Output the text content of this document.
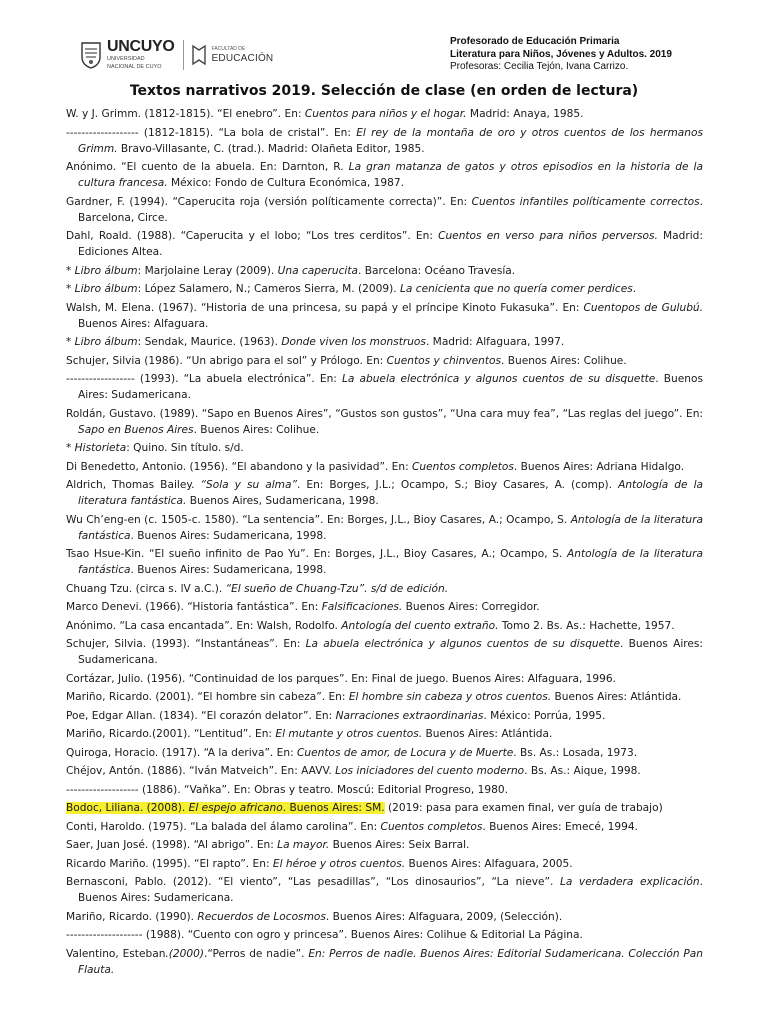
UNCUYO
UNIVERSIDAD
NACIONAL DE CUYO
FACULTAD DE
EDUCACIÓN
Profesorado de Educación Primaria
Literatura para Niños, Jóvenes y Adultos. 2019
Profesoras: Cecilia Tejón, Ivana Carrizo.
Textos narrativos 2019. Selección de clase (en orden de lectura)
W. y J. Grimm. (1812-1815). “El enebro”. En: Cuentos para niños y el hogar. Madrid: Anaya, 1985.
------------------- (1812-1815). “La bola de cristal”. En: El rey de la montaña de oro y otros cuentos de los hermanos Grimm. Bravo-Villasante, C. (trad.). Madrid: Olañeta Editor, 1985.
Anónimo. “El cuento de la abuela. En: Darnton, R. La gran matanza de gatos y otros episodios en la historia de la cultura francesa. México: Fondo de Cultura Económica, 1987.
Gardner, F. (1994). “Caperucita roja (versión políticamente correcta)”. En: Cuentos infantiles políticamente correctos. Barcelona, Circe.
Dahl, Roald. (1988). “Caperucita y el lobo; “Los tres cerditos”. En: Cuentos en verso para niños perversos. Madrid: Ediciones Altea.
* Libro álbum: Marjolaine Leray (2009). Una caperucita. Barcelona: Océano Travesía.
* Libro álbum: López Salamero, N.; Cameros Sierra, M. (2009). La cenicienta que no quería comer perdices.
Walsh, M. Elena. (1967). “Historia de una princesa, su papá y el príncipe Kinoto Fukasuka”. En: Cuentopos de Gulubú. Buenos Aires: Alfaguara.
* Libro álbum: Sendak, Maurice. (1963). Donde viven los monstruos. Madrid: Alfaguara, 1997.
Schujer, Silvia (1986). “Un abrigo para el sol” y Prólogo. En: Cuentos y chinventos. Buenos Aires: Colihue.
------------------ (1993). “La abuela electrónica”. En: La abuela electrónica y algunos cuentos de su disquette. Buenos Aires: Sudamericana.
Roldán, Gustavo. (1989). “Sapo en Buenos Aires”, “Gustos son gustos”, “Una cara muy fea”, “Las reglas del juego”. En: Sapo en Buenos Aires. Buenos Aires: Colihue.
* Historieta: Quino. Sin título. s/d.
Di Benedetto, Antonio. (1956). “El abandono y la pasividad”. En: Cuentos completos. Buenos Aires: Adriana Hidalgo.
Aldrich, Thomas Bailey. “Sola y su alma”. En: Borges, J.L.; Ocampo, S.; Bioy Casares, A. (comp). Antología de la literatura fantástica. Buenos Aires, Sudamericana, 1998.
Wu Ch’eng-en (c. 1505-c. 1580). “La sentencia”. En: Borges, J.L., Bioy Casares, A.; Ocampo, S. Antología de la literatura fantástica. Buenos Aires: Sudamericana, 1998.
Tsao Hsue-Kin. “El sueño infinito de Pao Yu”. En: Borges, J.L., Bioy Casares, A.; Ocampo, S. Antología de la literatura fantástica. Buenos Aires: Sudamericana, 1998.
Chuang Tzu. (circa s. lV a.C.). “El sueño de Chuang-Tzu”. s/d de edición.
Marco Denevi. (1966). “Historia fantástica”. En: Falsificaciones. Buenos Aires: Corregidor.
Anónimo. “La casa encantada”. En: Walsh, Rodolfo. Antología del cuento extraño. Tomo 2. Bs. As.: Hachette, 1957.
Schujer, Silvia. (1993). “Instantáneas”. En: La abuela electrónica y algunos cuentos de su disquette. Buenos Aires: Sudamericana.
Cortázar, Julio. (1956). “Continuidad de los parques”. En: Final de juego. Buenos Aires: Alfaguara, 1996.
Mariño, Ricardo. (2001). “El hombre sin cabeza”. En: El hombre sin cabeza y otros cuentos. Buenos Aires: Atlántida.
Poe, Edgar Allan. (1834). “El corazón delator”. En: Narraciones extraordinarias. México: Porrúa, 1995.
Mariño, Ricardo.(2001). “Lentitud”. En: El mutante y otros cuentos. Buenos Aires: Atlántida.
Quiroga, Horacio. (1917). “A la deriva”. En: Cuentos de amor, de Locura y de Muerte. Bs. As.: Losada, 1973.
Chéjov, Antón. (1886). “Iván Matveich”. En: AAVV. Los iniciadores del cuento moderno. Bs. As.: Aique, 1998.
------------------- (1886). “Vaňka”. En: Obras y teatro. Moscú: Editorial Progreso, 1980.
Bodoc, Liliana. (2008). El espejo africano. Buenos Aires: SM. (2019: pasa para examen final, ver guía de trabajo)
Conti, Haroldo. (1975). “La balada del álamo carolina”. En: Cuentos completos. Buenos Aires: Emecé, 1994.
Saer, Juan José. (1998). “Al abrigo”. En: La mayor. Buenos Aires: Seix Barral.
Ricardo Mariño. (1995). “El rapto”. En: El héroe y otros cuentos. Buenos Aires: Alfaguara, 2005.
Bernasconi, Pablo. (2012). “El viento”, “Las pesadillas”, “Los dinosaurios”, “La nieve”. La verdadera explicación. Buenos Aires: Sudamericana.
Mariño, Ricardo. (1990). Recuerdos de Locosmos. Buenos Aires: Alfaguara, 2009, (Selección).
-------------------- (1988). “Cuento con ogro y princesa”. Buenos Aires: Colihue & Editorial La Página.
Valentino, Esteban.(2000).“Perros de nadie”. En: Perros de nadie. Buenos Aires: Editorial Sudamericana. Colección Pan Flauta.
